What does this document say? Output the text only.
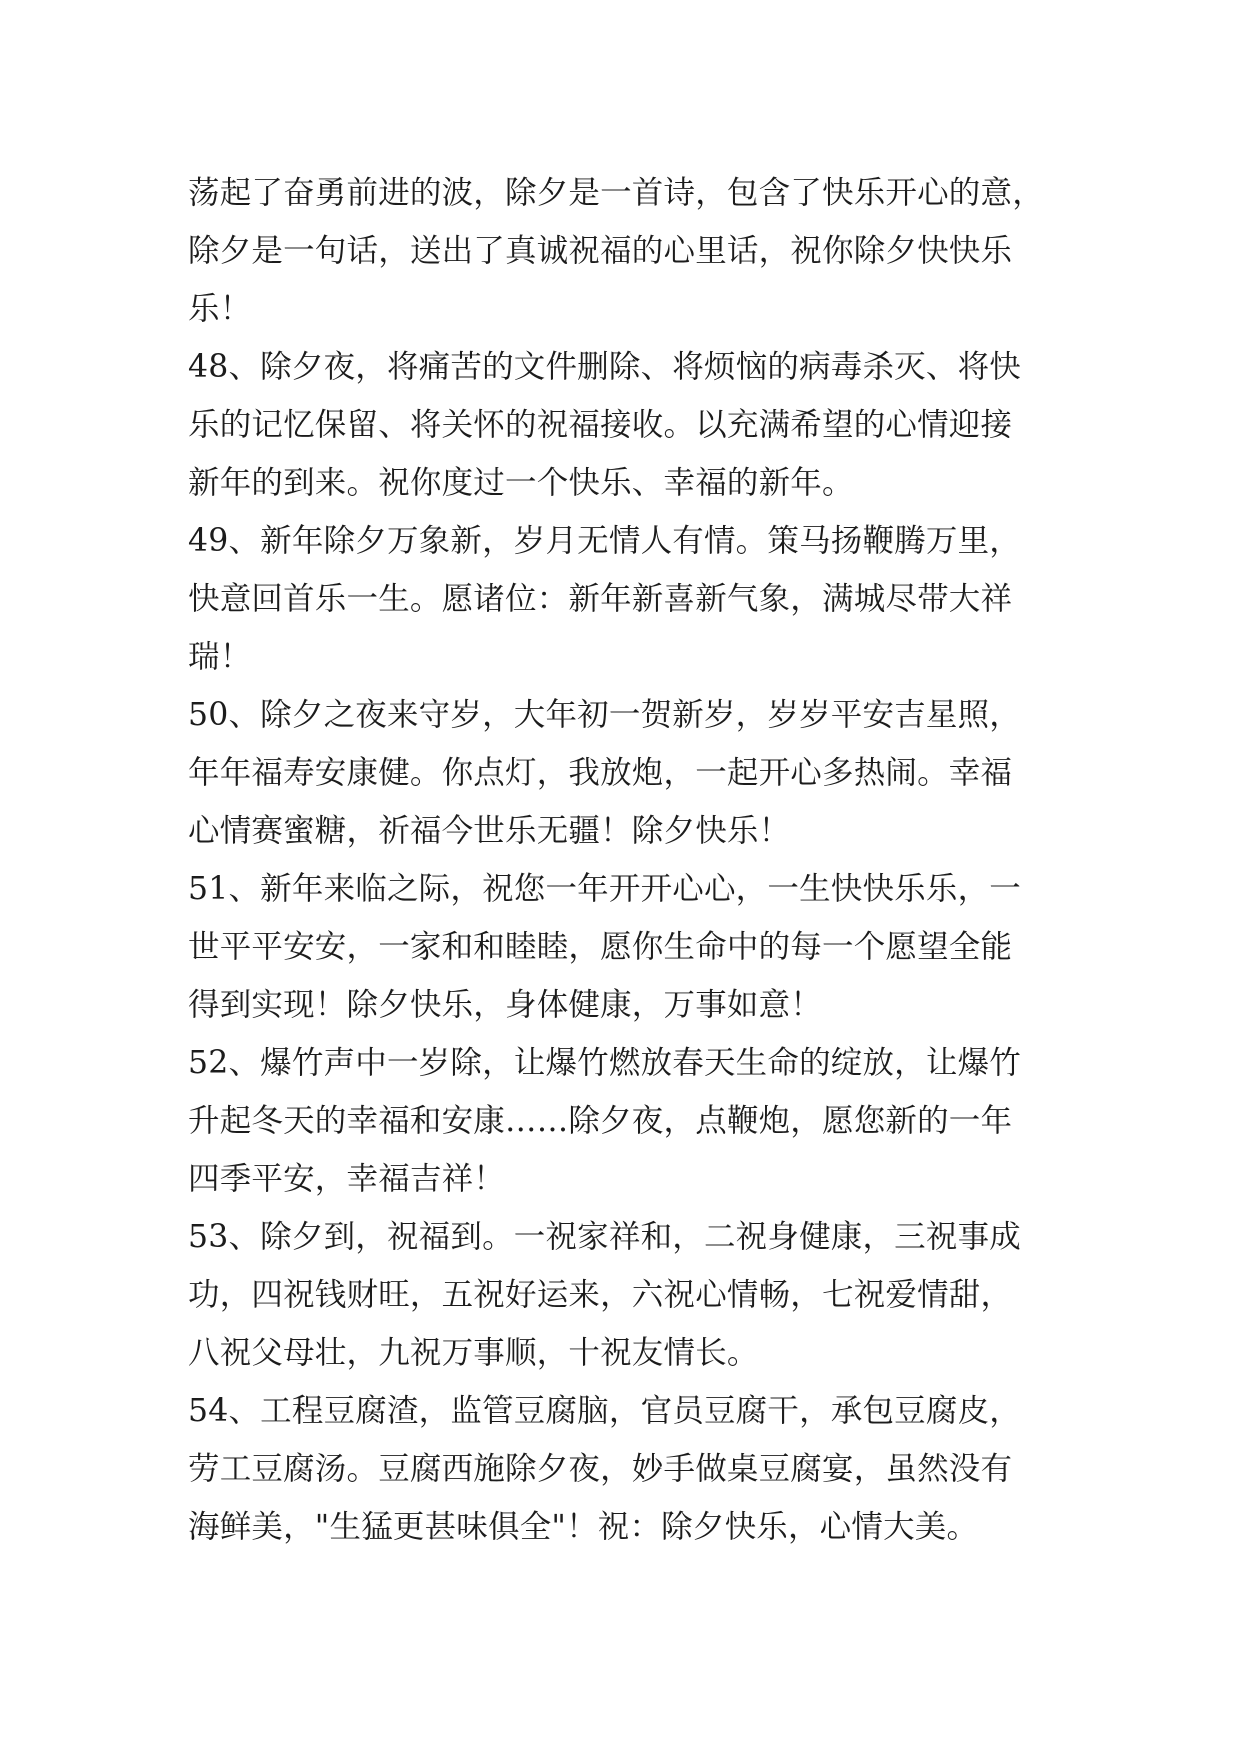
荡起了奋勇前进的波，除夕是一首诗，包含了快乐开心的意，
除夕是一句话，送出了真诚祝福的心里话，祝你除夕快快乐
乐！
48、除夕夜，将痛苦的文件删除、将烦恼的病毒杀灭、将快
乐的记忆保留、将关怀的祝福接收。以充满希望的心情迎接
新年的到来。祝你度过一个快乐、幸福的新年。
49、新年除夕万象新，岁月无情人有情。策马扬鞭腾万里，
快意回首乐一生。愿诸位：新年新喜新气象，满城尽带大祥
瑞！
50、除夕之夜来守岁，大年初一贺新岁，岁岁平安吉星照，
年年福寿安康健。你点灯，我放炮，一起开心多热闹。幸福
心情赛蜜糖，祈福今世乐无疆！除夕快乐！
51、新年来临之际，祝您一年开开心心，一生快快乐乐，一
世平平安安，一家和和睦睦，愿你生命中的每一个愿望全能
得到实现！除夕快乐，身体健康，万事如意！
52、爆竹声中一岁除，让爆竹燃放春天生命的绽放，让爆竹
升起冬天的幸福和安康……除夕夜，点鞭炮，愿您新的一年
四季平安，幸福吉祥！
53、除夕到，祝福到。一祝家祥和，二祝身健康，三祝事成
功，四祝钱财旺，五祝好运来，六祝心情畅，七祝爱情甜，
八祝父母壮，九祝万事顺，十祝友情长。
54、工程豆腐渣，监管豆腐脑，官员豆腐干，承包豆腐皮，
劳工豆腐汤。豆腐西施除夕夜，妙手做桌豆腐宴，虽然没有
海鲜美，"生猛更甚味俱全"！祝：除夕快乐，心情大美。
